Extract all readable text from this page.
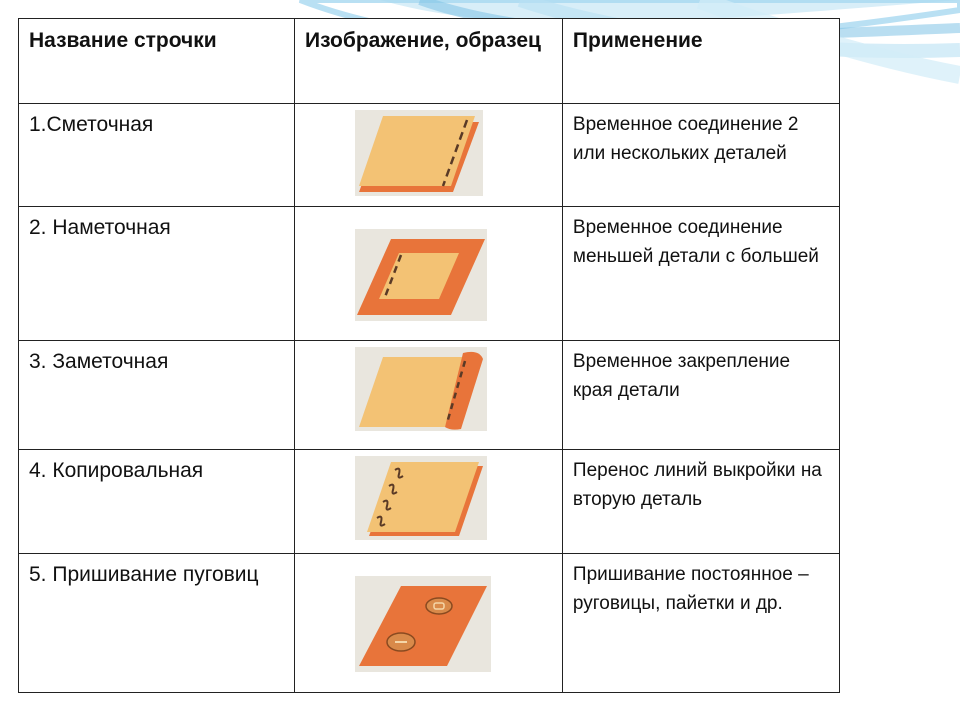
Название строчки	Изображение, образец	Применение
1.Сметочная		Временное соединение 2 или нескольких деталей
2. Наметочная		Временное соединение меньшей детали с большей
3. Заметочная		Временное закрепление края детали
4. Копировальная		Перенос линий выкройки на вторую деталь
5. Пришивание пуговиц		Пришивание постоянное – руговицы, пайетки и др.
